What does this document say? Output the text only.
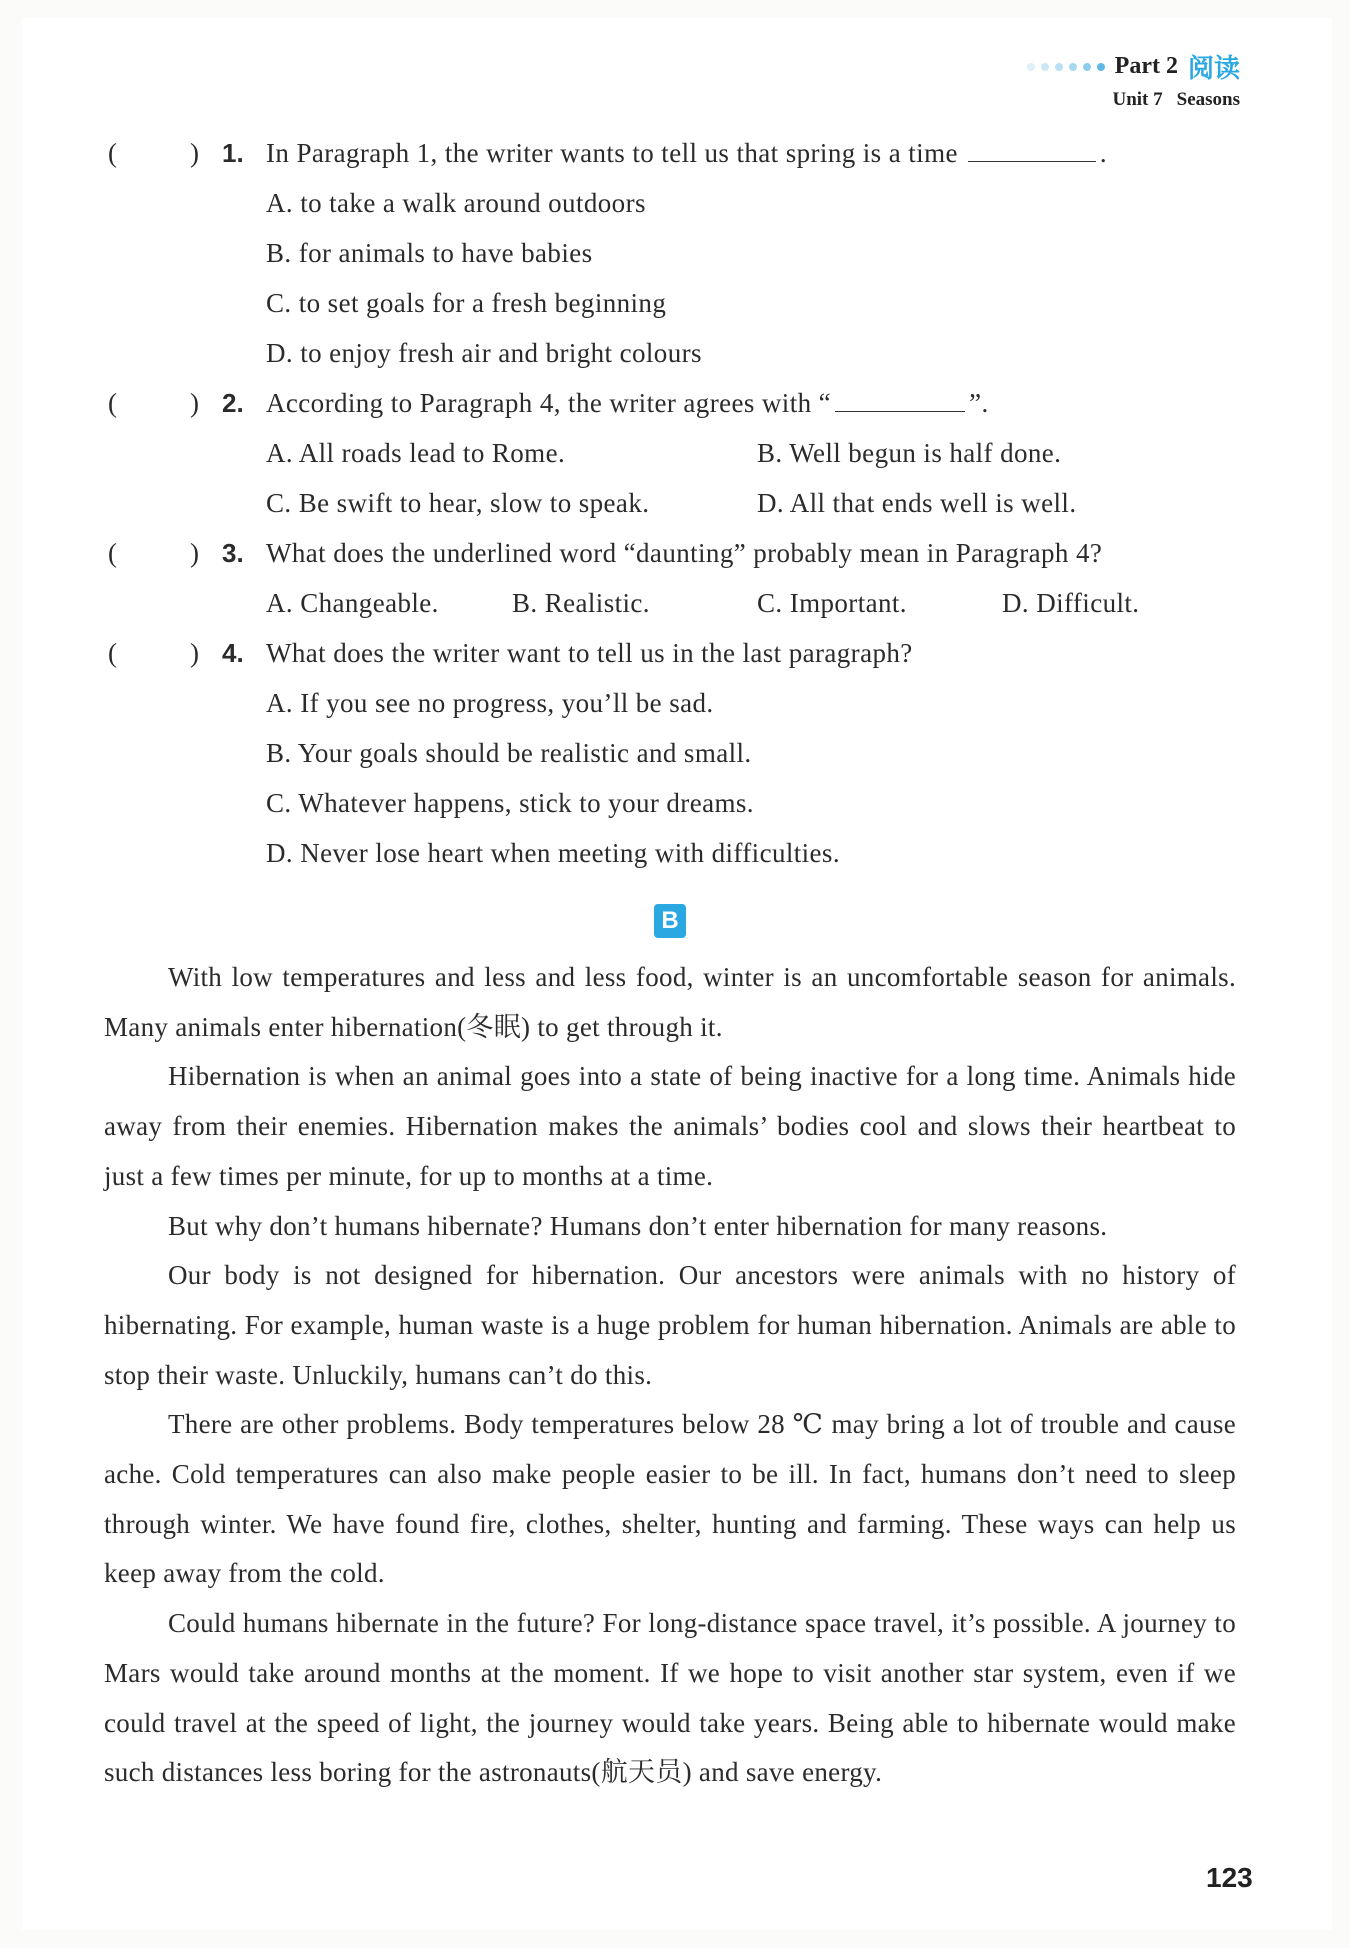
Part 2 阅读
Unit 7 Seasons
(	) 1. In Paragraph 1, the writer wants to tell us that spring is a time	.
A. to take a walk around outdoors
B. for animals to have babies
C. to set goals for a fresh beginning
D. to enjoy fresh air and bright colours
(	) 2. According to Paragraph 4, the writer agrees with “	”.
A. All roads lead to Rome.	B. Well begun is half done.
C. Be swift to hear, slow to speak.	D. All that ends well is well.
(	) 3. What does the underlined word “daunting” probably mean in Paragraph 4?
A. Changeable.	B. Realistic.	C. Important.	D. Difficult.
(	) 4. What does the writer want to tell us in the last paragraph?
A. If you see no progress, you’ll be sad.
B. Your goals should be realistic and small.
C. Whatever happens, stick to your dreams.
D. Never lose heart when meeting with difficulties.
B

With low temperatures and less and less food, winter is an uncomfortable season for animals. Many animals enter hibernation(冬眠) to get through it.

Hibernation is when an animal goes into a state of being inactive for a long time. Animals hide away from their enemies. Hibernation makes the animals’ bodies cool and slows their heartbeat to just a few times per minute, for up to months at a time.

But why don’t humans hibernate? Humans don’t enter hibernation for many reasons.

Our body is not designed for hibernation. Our ancestors were animals with no history of hibernating. For example, human waste is a huge problem for human hibernation. Animals are able to stop their waste. Unluckily, humans can’t do this.

There are other problems. Body temperatures below 28 ℃ may bring a lot of trouble and cause ache. Cold temperatures can also make people easier to be ill. In fact, humans don’t need to sleep through winter. We have found fire, clothes, shelter, hunting and farming. These ways can help us keep away from the cold.

Could humans hibernate in the future? For long-distance space travel, it’s possible. A journey to Mars would take around months at the moment. If we hope to visit another star system, even if we could travel at the speed of light, the journey would take years. Being able to hibernate would make such distances less boring for the astronauts(航天员) and save energy.

123
